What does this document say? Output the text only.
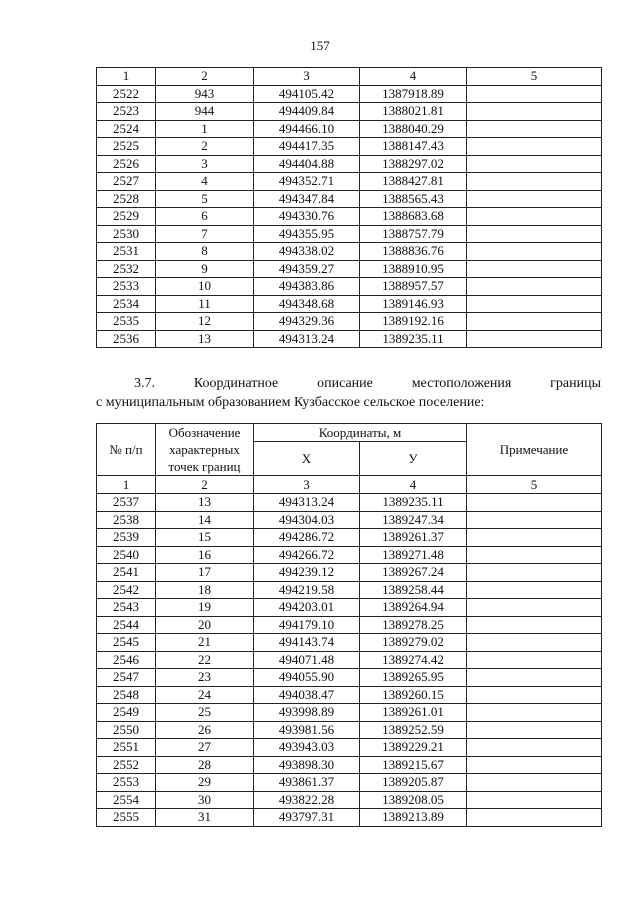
157
1	2	3	4	5
2522	943	494105.42	1387918.89	
2523	944	494409.84	1388021.81	
2524	1	494466.10	1388040.29	
2525	2	494417.35	1388147.43	
2526	3	494404.88	1388297.02	
2527	4	494352.71	1388427.81	
2528	5	494347.84	1388565.43	
2529	6	494330.76	1388683.68	
2530	7	494355.95	1388757.79	
2531	8	494338.02	1388836.76	
2532	9	494359.27	1388910.95	
2533	10	494383.86	1388957.57	
2534	11	494348.68	1389146.93	
2535	12	494329.36	1389192.16	
2536	13	494313.24	1389235.11	
3.7.	Координатное	описание	местоположения	границы
с муниципальным образованием Кузбасское сельское поселение:
№ п/п	Обозначение
характерных
точек границ	Координаты, м		Примечание
		Х	У	
1	2	3	4	5
2537	13	494313.24	1389235.11	
2538	14	494304.03	1389247.34	
2539	15	494286.72	1389261.37	
2540	16	494266.72	1389271.48	
2541	17	494239.12	1389267.24	
2542	18	494219.58	1389258.44	
2543	19	494203.01	1389264.94	
2544	20	494179.10	1389278.25	
2545	21	494143.74	1389279.02	
2546	22	494071.48	1389274.42	
2547	23	494055.90	1389265.95	
2548	24	494038.47	1389260.15	
2549	25	493998.89	1389261.01	
2550	26	493981.56	1389252.59	
2551	27	493943.03	1389229.21	
2552	28	493898.30	1389215.67	
2553	29	493861.37	1389205.87	
2554	30	493822.28	1389208.05	
2555	31	493797.31	1389213.89	
